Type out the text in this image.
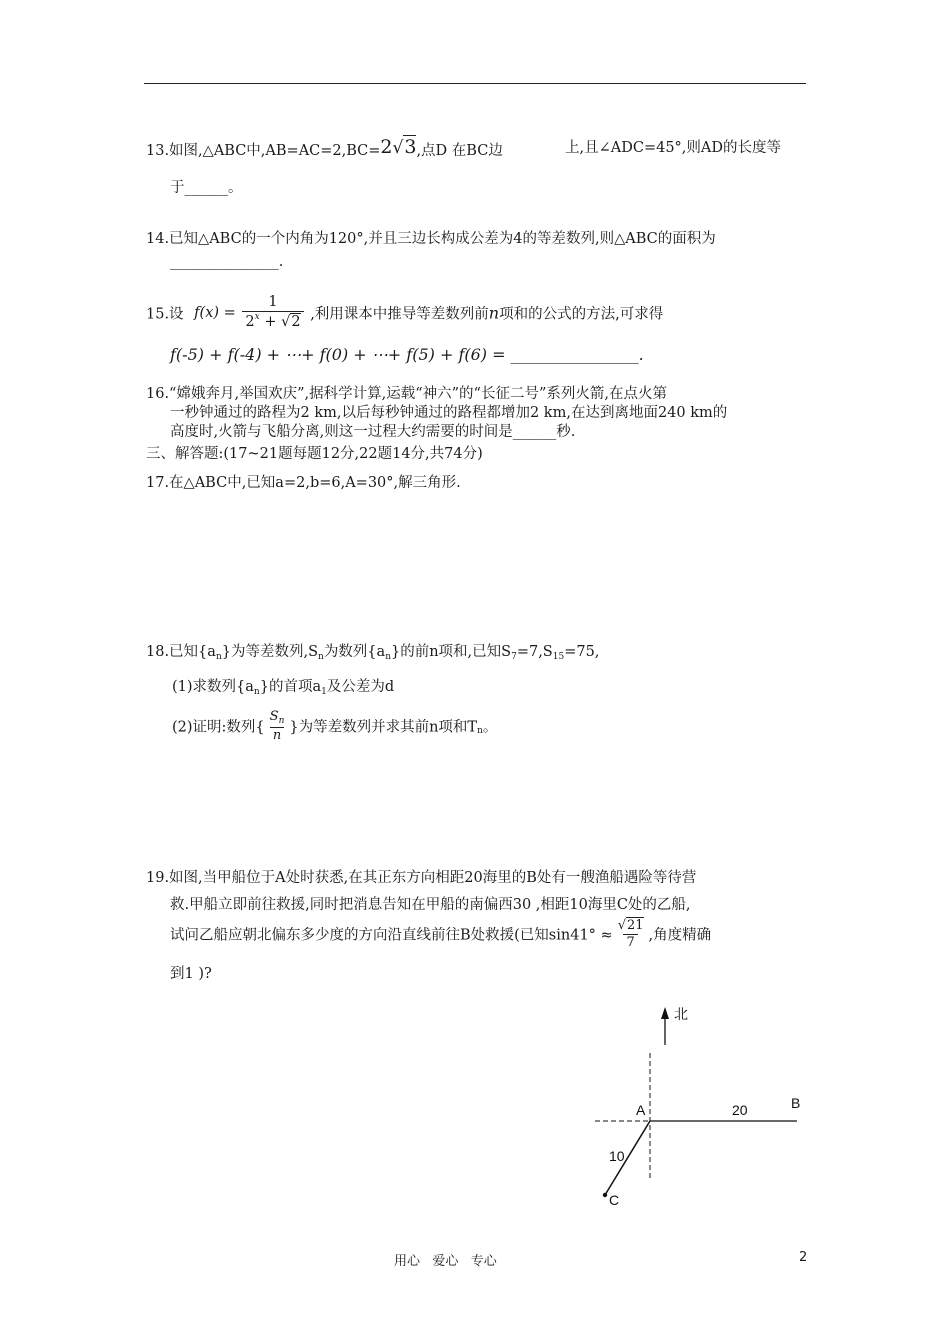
13.如图,△ABC中,AB=AC=2,BC=2√3,点D 在BC边	上,且∠ADC=45°,则AD的长度等
于______。
14.已知△ABC的一个内角为120°,并且三边长构成公差为4的等差数列,则△ABC的面积为
_______________.
15.设 $f(x) = \frac{1}{2^x + √2}$ ,利用课本中推导等差数列前n项和的公式的方法,可求得
f(-5) + f(-4) + ⋯+ f(0) + ⋯+ f(5) + f(6) = ________________.
16.“嫦娥奔月,举国欢庆”,据科学计算,运载“神六”的“长征二号”系列火箭,在点火第
一秒钟通过的路程为2 km,以后每秒钟通过的路程都增加2 km,在达到离地面240 km的
高度时,火箭与飞船分离,则这一过程大约需要的时间是______秒.
三、解答题:(17~21题每题12分,22题14分,共74分)
17.在△ABC中,已知a=2,b=6,A=30°,解三角形.
18.已知$\{a_n\}$为等差数列$,S_n$为数列$\{a_n\}$的前n项和,已知$S_7=7,S_{15}=75$,
(1)求数列$\{a_n\}$的首项$a_1$及公差为d
(2)证明:数列{ $\frac{S_n}{n}$ }为等差数列并求其前n项和$T_n$。
19.如图,当甲船位于A处时获悉,在其正东方向相距20海里的B处有一艘渔船遇险等待营
救.甲船立即前往救援,同时把消息告知在甲船的南偏西30 ,相距10海里C处的乙船,
试问乙船应朝北偏东多少度的方向沿直线前往B处救援(已知$\sin 41^\circ \approx \frac{√21}{7}$ ,角度精确
到1 )?
北
A	B
C
20
10
用心   爱心   专心	2
